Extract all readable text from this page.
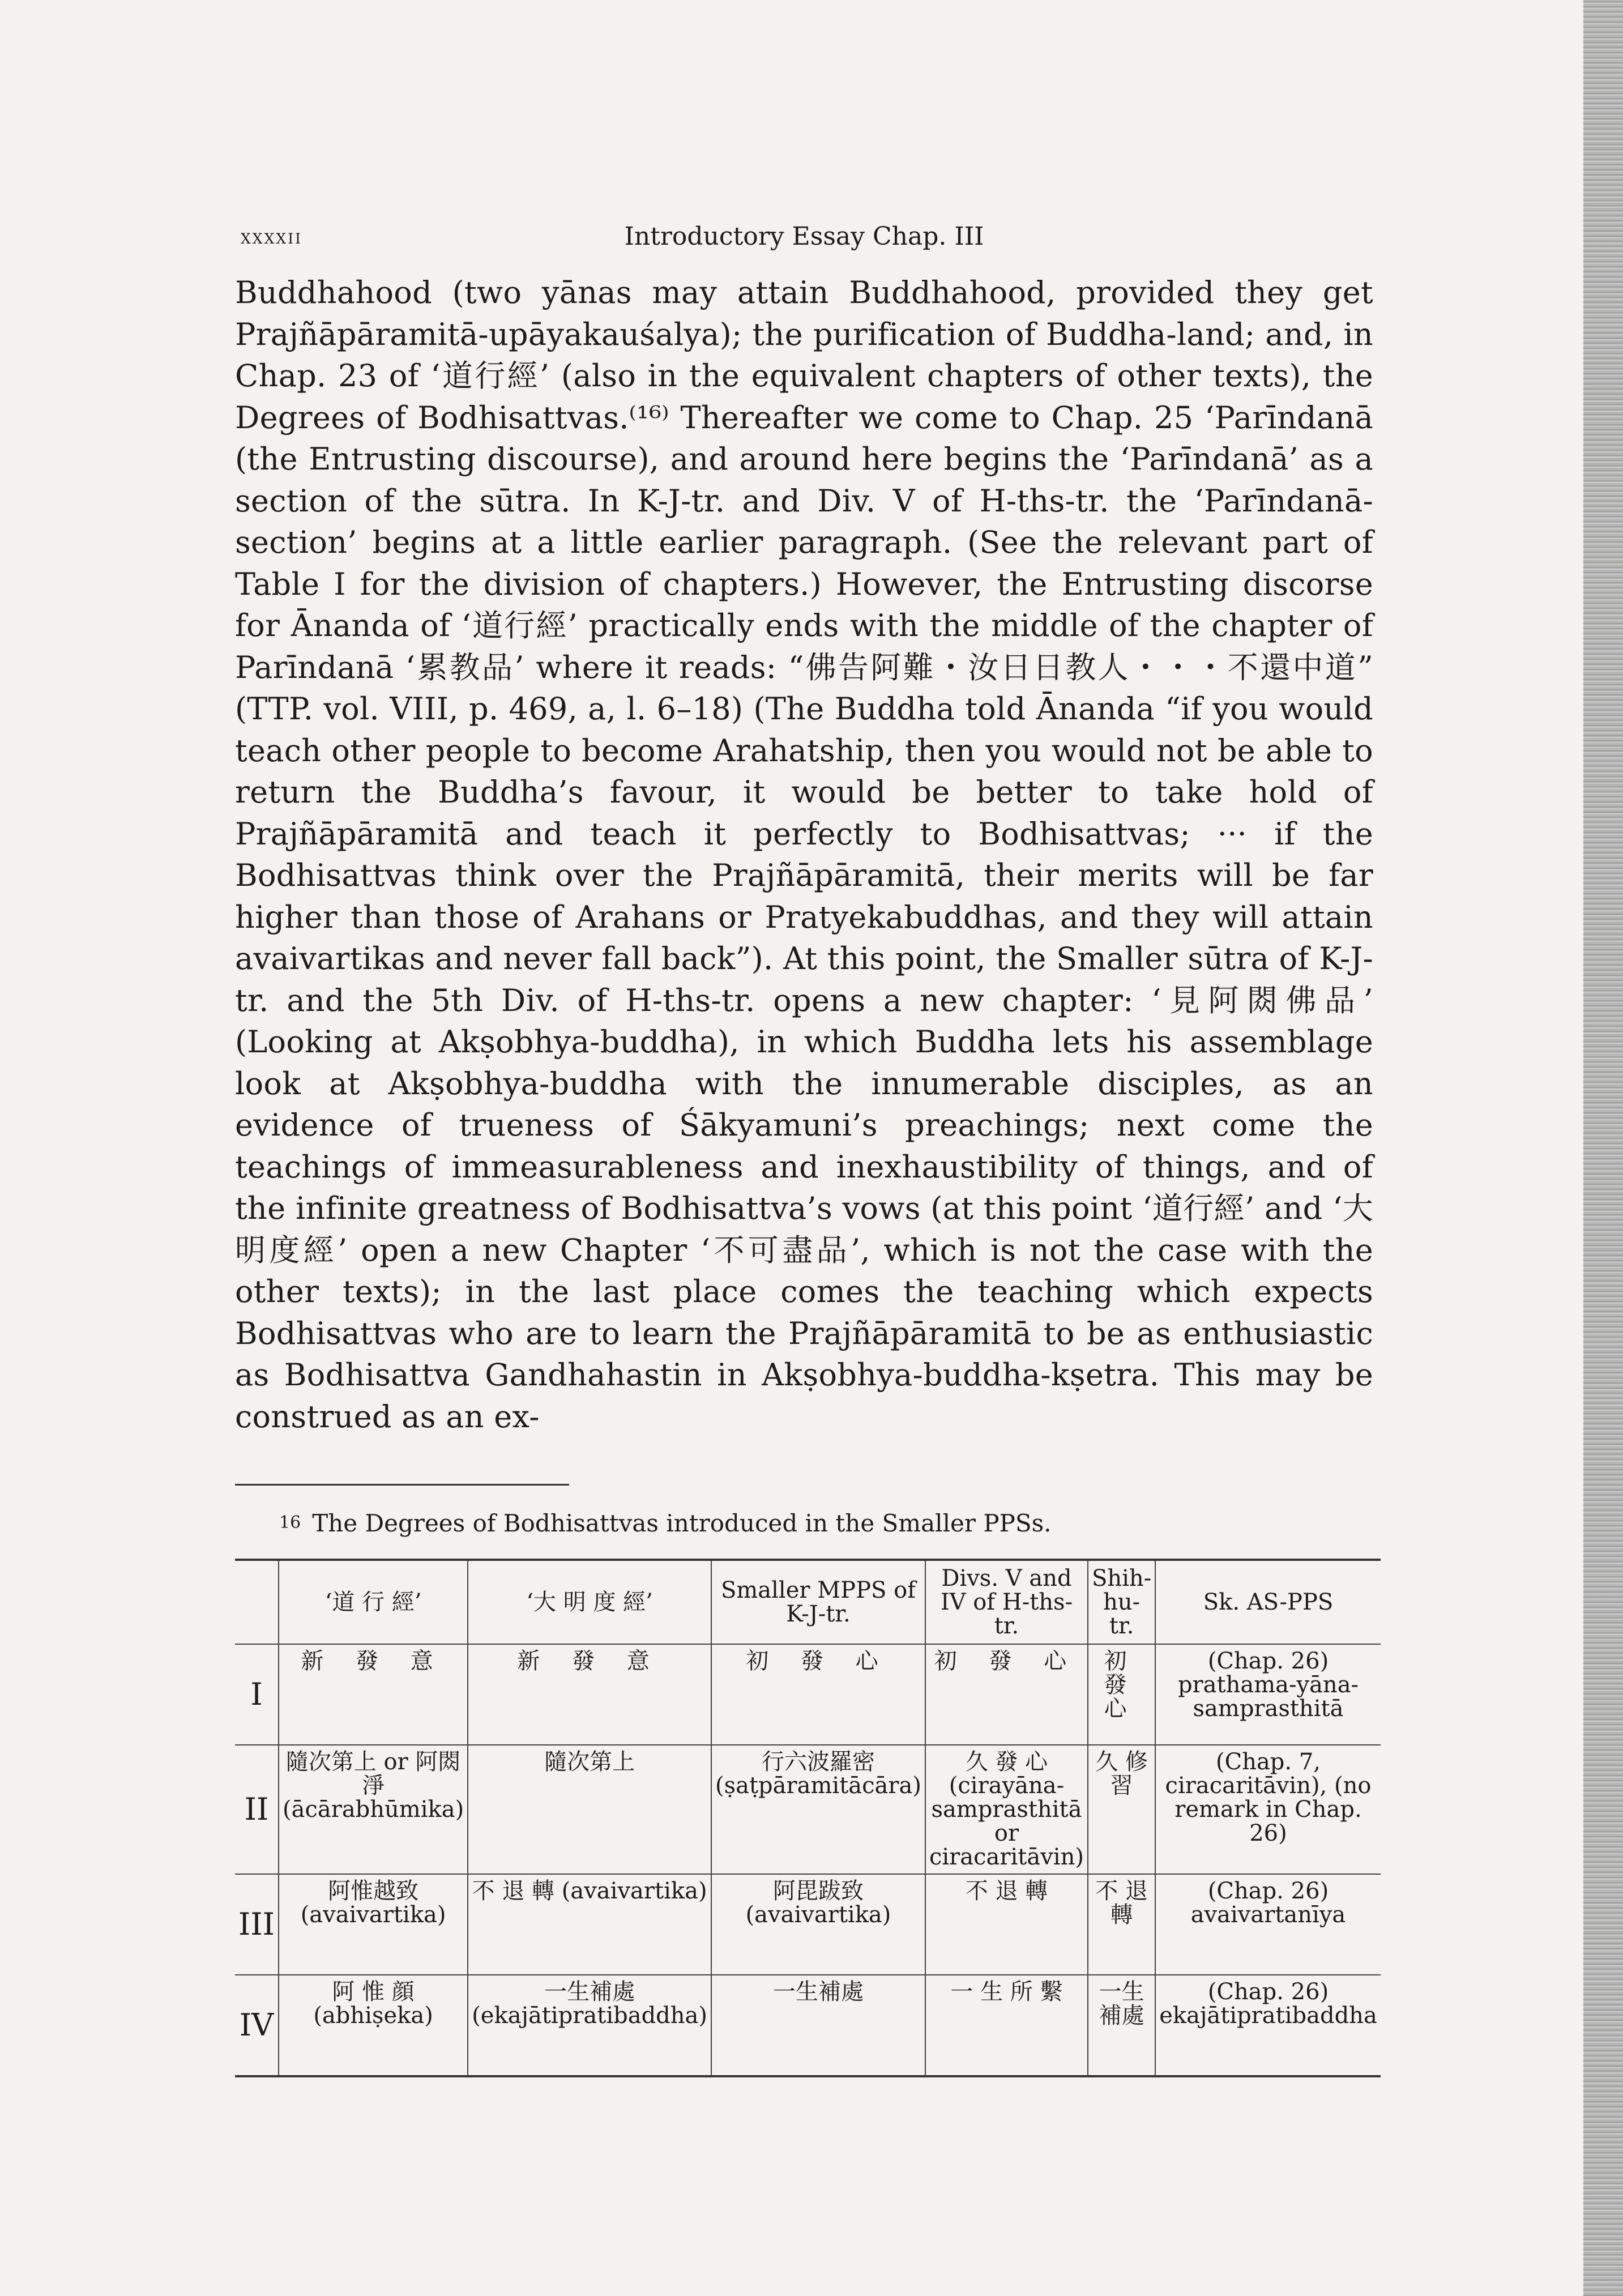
xxxxii	Introductory Essay Chap. III

Buddhahood (two yānas may attain Buddhahood, provided they get Prajñāpāramitā-upāyakauśalya); the purification of Buddha-land; and, in Chap. 23 of ‘道行經’ (also in the equivalent chapters of other texts), the Degrees of Bodhisattvas.⁽¹⁶⁾ Thereafter we come to Chap. 25 ‘Parīndanā (the Entrusting discourse), and around here begins the ‘Parīndanā’ as a section of the sūtra. In K-J-tr. and Div. V of H-ths-tr. the ‘Parīndanā-section’ begins at a little earlier paragraph. (See the relevant part of Table I for the division of chapters.) However, the Entrusting discorse for Ānanda of ‘道行經’ practically ends with the middle of the chapter of Parīndanā ‘累教品’ where it reads: “佛告阿難・汝日日教人・・・不還中道” (TTP. vol. VIII, p. 469, a, l. 6–18) (The Buddha told Ānanda “if you would teach other people to become Arahatship, then you would not be able to return the Buddha’s favour, it would be better to take hold of Prajñāpāramitā and teach it perfectly to Bodhisattvas; ··· if the Bodhisattvas think over the Prajñāpāramitā, their merits will be far higher than those of Arahans or Pratyekabuddhas, and they will attain avaivartikas and never fall back”). At this point, the Smaller sūtra of K-J-tr. and the 5th Div. of H-ths-tr. opens a new chapter: ‘見阿閦佛品’ (Looking at Akṣobhya-buddha), in which Buddha lets his assemblage look at Akṣobhya-buddha with the innumerable disciples, as an evidence of trueness of Śākyamuni’s preachings; next come the teachings of immeasurableness and inexhaustibility of things, and of the infinite greatness of Bodhisattva’s vows (at this point ‘道行經’ and ‘大明度經’ open a new Chapter ‘不可盡品’, which is not the case with the other texts); in the last place comes the teaching which expects Bodhisattvas who are to learn the Prajñāpāramitā to be as enthusiastic as Bodhisattva Gandhahastin in Akṣobhya-buddha-kṣetra. This may be construed as an ex-

16 The Degrees of Bodhisattvas introduced in the Smaller PPSs.
	‘道 行 經’	‘大 明 度 經’	Smaller MPPS of K-J-tr.	Divs. V and IV of H-ths-tr.	Shih-hu-tr.	Sk. AS-PPS
I	新 發 意	新 發 意	初 發 心	初 發 心	初 發 心	(Chap. 26) prathama-yāna-samprasthitā
II	隨次第上 or 阿閦淨 (ācārabhūmika)	隨次第上	行六波羅密 (ṣaṭpāramitācāra)	久 發 心 (cirayāna-samprasthitā or ciracaritāvin)	久 修 習	(Chap. 7, ciracaritāvin), (no remark in Chap. 26)
III	阿惟越致 (avaivartika)	不 退 轉 (avaivartika)	阿毘跋致 (avaivartika)	不 退 轉	不 退 轉	(Chap. 26) avaivartanīya
IV	阿 惟 顔 (abhiṣeka)	一生補處 (ekajātipratibaddha)	一生補處	一 生 所 繫	一生補處	(Chap. 26) ekajātipratibaddha
